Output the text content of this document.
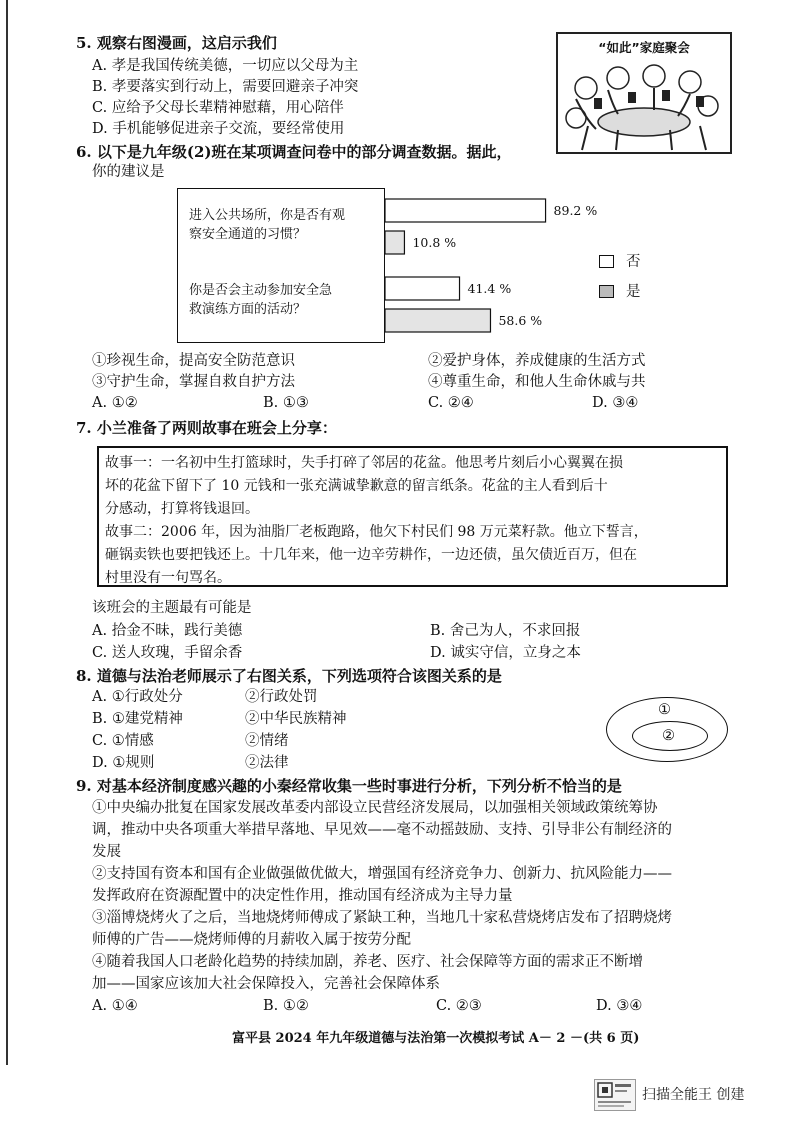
5. 观察右图漫画，这启示我们
A. 孝是我国传统美德，一切应以父母为主
B. 孝要落实到行动上，需要回避亲子冲突
C. 应给予父母长辈精神慰藉，用心陪伴
D. 手机能够促进亲子交流，要经常使用
“如此”家庭聚会
6. 以下是九年级(2)班在某项调查问卷中的部分调查数据。据此，
你的建议是
进入公共场所，你是否有观
察安全通道的习惯？
你是否会主动参加安全急
救演练方面的活动？
89.2 %
10.8 %
41.4 %
58.6 %
否
是
①珍视生命，提高安全防范意识	②爱护身体，养成健康的生活方式
③守护生命，掌握自救自护方法	④尊重生命，和他人生命休戚与共
A. ①②	B. ①③	C. ②④	D. ③④
7. 小兰准备了两则故事在班会上分享：
故事一：一名初中生打篮球时，失手打碎了邻居的花盆。他思考片刻后小心翼翼在损
坏的花盆下留下了 10 元钱和一张充满诚挚歉意的留言纸条。花盆的主人看到后十
分感动，打算将钱退回。
故事二：2006 年，因为油脂厂老板跑路，他欠下村民们 98 万元菜籽款。他立下誓言，
砸锅卖铁也要把钱还上。十几年来，他一边辛劳耕作，一边还债，虽欠债近百万，但在
村里没有一句骂名。
该班会的主题最有可能是
A. 拾金不昧，践行美德	B. 舍己为人，不求回报
C. 送人玫瑰，手留余香	D. 诚实守信，立身之本
8. 道德与法治老师展示了右图关系，下列选项符合该图关系的是
A. ①行政处分	②行政处罚
B. ①建党精神	②中华民族精神
C. ①情感	②情绪
D. ①规则	②法律
①
②
9. 对基本经济制度感兴趣的小秦经常收集一些时事进行分析，下列分析不恰当的是
①中央编办批复在国家发展改革委内部设立民营经济发展局，以加强相关领域政策统筹协
调，推动中央各项重大举措早落地、早见效——毫不动摇鼓励、支持、引导非公有制经济的
发展
②支持国有资本和国有企业做强做优做大，增强国有经济竞争力、创新力、抗风险能力——
发挥政府在资源配置中的决定性作用，推动国有经济成为主导力量
③淄博烧烤火了之后，当地烧烤师傅成了紧缺工种，当地几十家私营烧烤店发布了招聘烧烤
师傅的广告——烧烤师傅的月薪收入属于按劳分配
④随着我国人口老龄化趋势的持续加剧，养老、医疗、社会保障等方面的需求正不断增
加——国家应该加大社会保障投入，完善社会保障体系
A. ①④	B. ①②	C. ②③	D. ③④
富平县 2024 年九年级道德与法治第一次模拟考试 A－ 2 －(共 6 页)
扫描全能王 创建
